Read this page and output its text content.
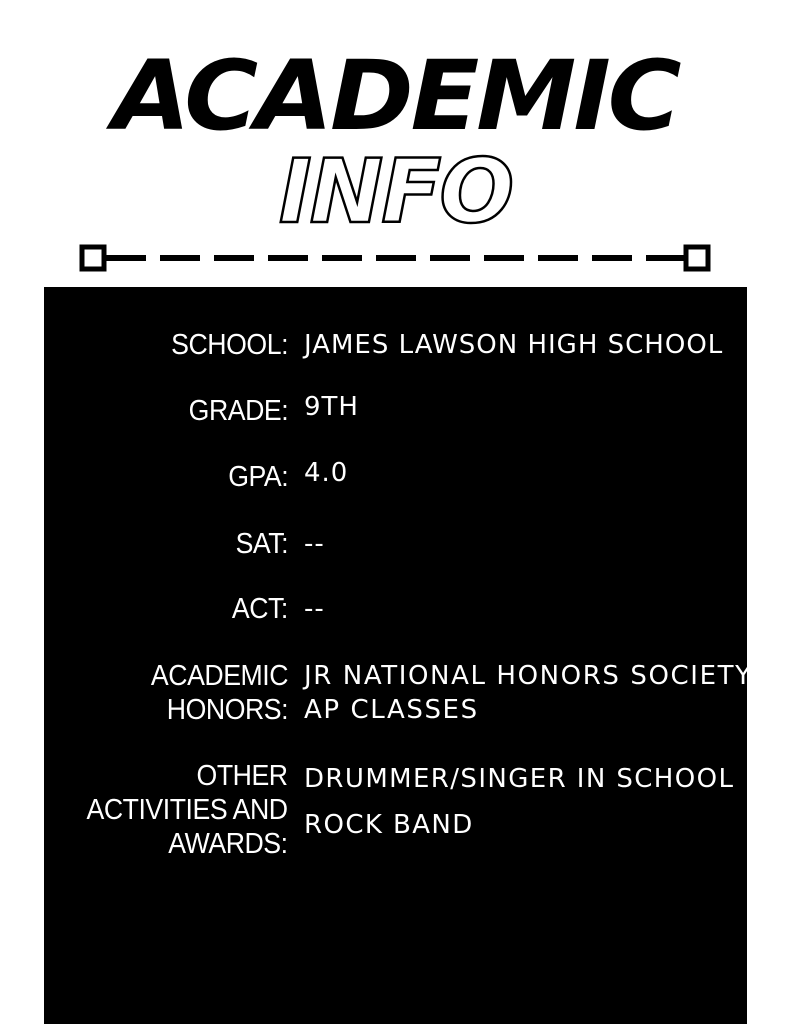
ACADEMIC
INFO
SCHOOL: JAMES LAWSON HIGH SCHOOL
GRADE: 9TH
GPA: 4.0
SAT: --
ACT: --
ACADEMIC
HONORS:
JR NATIONAL HONORS SOCIETY
AP CLASSES
OTHER
ACTIVITIES AND
AWARDS:
DRUMMER/SINGER IN SCHOOL
ROCK BAND
